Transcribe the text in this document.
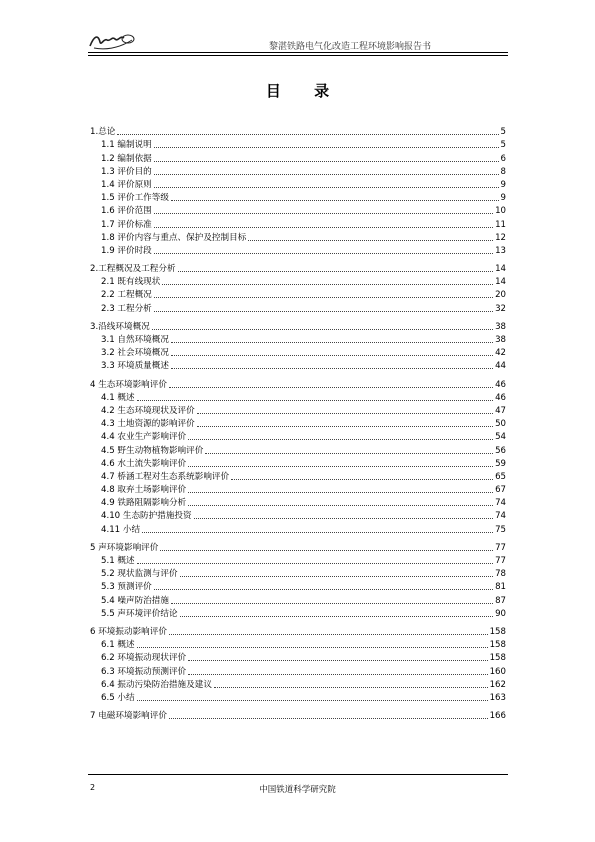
黎湛铁路电气化改造工程环境影响报告书
目 录
1.总论	5
1.1 编制说明	5
1.2 编制依据	6
1.3 评价目的	8
1.4 评价原则	9
1.5 评价工作等级	9
1.6 评价范围	10
1.7 评价标准	11
1.8 评价内容与重点、保护及控制目标	12
1.9 评价时段	13
2.工程概况及工程分析	14
2.1 既有线现状	14
2.2 工程概况	20
2.3 工程分析	32
3.沿线环境概况	38
3.1 自然环境概况	38
3.2 社会环境概况	42
3.3 环境质量概述	44
4 生态环境影响评价	46
4.1 概述	46
4.2 生态环境现状及评价	47
4.3 土地资源的影响评价	50
4.4 农业生产影响评价	54
4.5 野生动物植物影响评价	56
4.6 水土流失影响评价	59
4.7 桥涵工程对生态系统影响评价	65
4.8 取弃土场影响评价	67
4.9 铁路阻隔影响分析	74
4.10 生态防护措施投资	74
4.11 小结	75
5 声环境影响评价	77
5.1 概述	77
5.2 现状监测与评价	78
5.3 预测评价	81
5.4 噪声防治措施	87
5.5 声环境评价结论	90
6 环境振动影响评价	158
6.1 概述	158
6.2 环境振动现状评价	158
6.3 环境振动预测评价	160
6.4 振动污染防治措施及建议	162
6.5 小结	163
7 电磁环境影响评价	166
2	中国铁道科学研究院
